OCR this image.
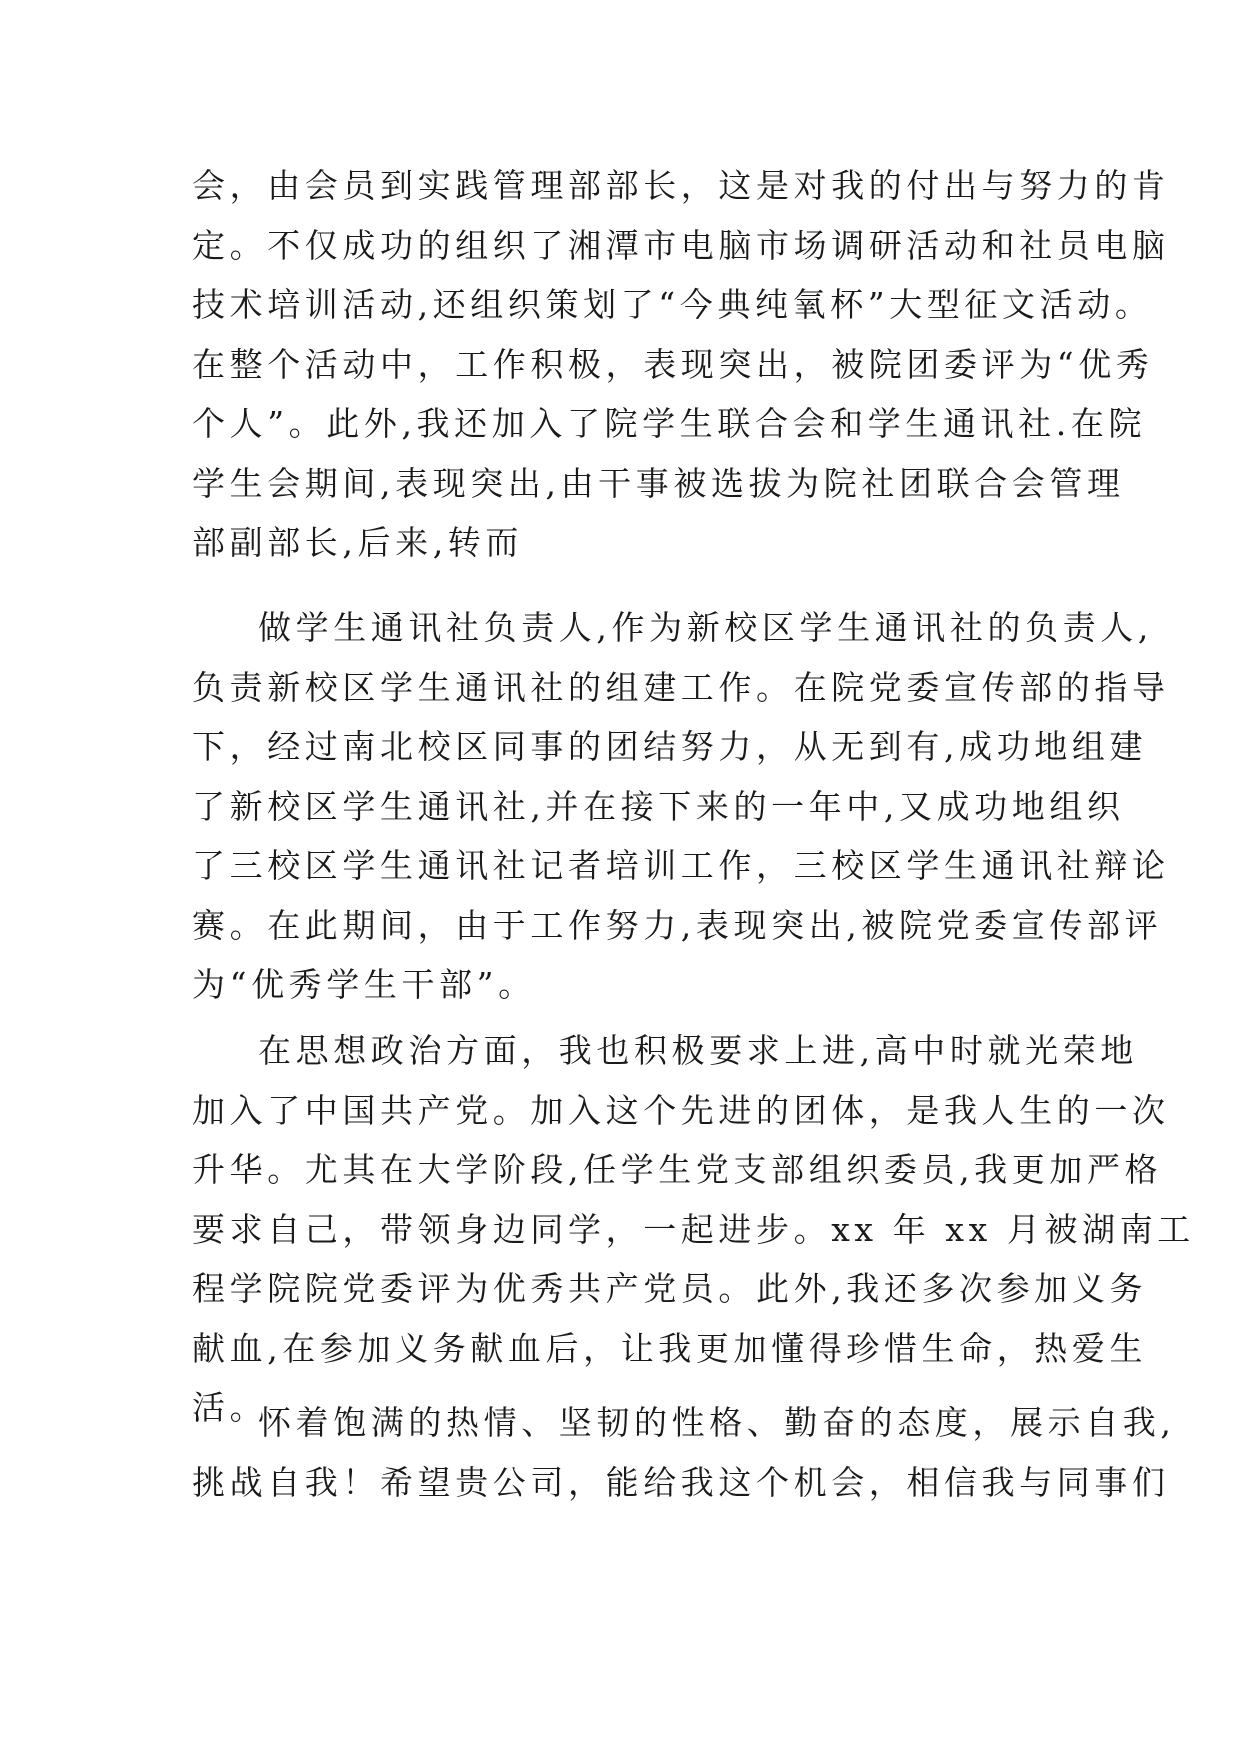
会，由会员到实践管理部部长，这是对我的付出与努力的肯
定。不仅成功的组织了湘潭市电脑市场调研活动和社员电脑
技术培训活动,还组织策划了“今典纯氧杯”大型征文活动。
在整个活动中，工作积极，表现突出，被院团委评为“优秀
个人”。此外,我还加入了院学生联合会和学生通讯社.在院
学生会期间,表现突出,由干事被选拔为院社团联合会管理
部副部长,后来,转而
做学生通讯社负责人,作为新校区学生通讯社的负责人,
负责新校区学生通讯社的组建工作。在院党委宣传部的指导
下，经过南北校区同事的团结努力，从无到有,成功地组建
了新校区学生通讯社,并在接下来的一年中,又成功地组织
了三校区学生通讯社记者培训工作，三校区学生通讯社辩论
赛。在此期间，由于工作努力,表现突出,被院党委宣传部评
为“优秀学生干部”。
在思想政治方面，我也积极要求上进,高中时就光荣地
加入了中国共产党。加入这个先进的团体，是我人生的一次
升华。尤其在大学阶段,任学生党支部组织委员,我更加严格
要求自己，带领身边同学，一起进步。xx 年 xx 月被湖南工
程学院院党委评为优秀共产党员。此外,我还多次参加义务
献血,在参加义务献血后，让我更加懂得珍惜生命，热爱生
活。
怀着饱满的热情、坚韧的性格、勤奋的态度，展示自我,
挑战自我！希望贵公司，能给我这个机会，相信我与同事们
